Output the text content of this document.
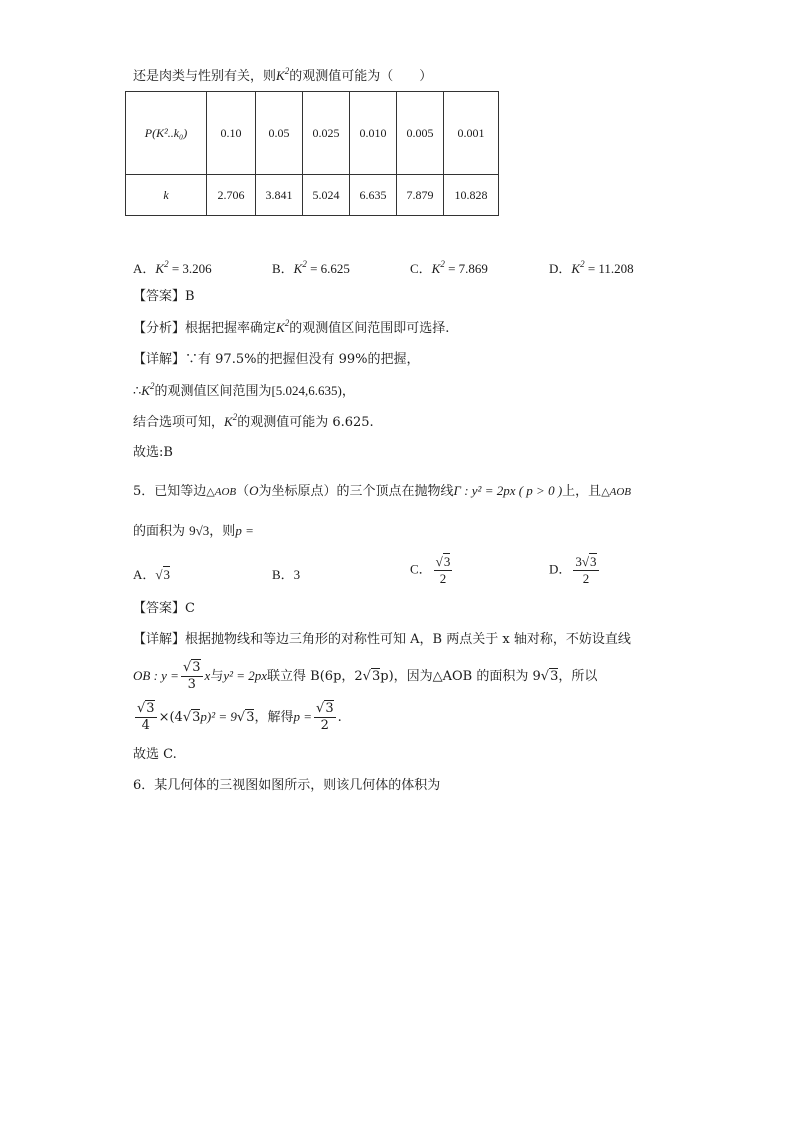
还是肉类与性别有关，则$K^2$的观测值可能为（　　）
P(K²..k₀)	0.10	0.05	0.025	0.010	0.005	0.001
k	2.706	3.841	5.024	6.635	7.879	10.828
A．$K^2 = 3.206$	B．$K^2 = 6.625$	C．$K^2 = 7.869$	D．$K^2 = 11.208$
【答案】B
【分析】根据把握率确定$K^2$的观测值区间范围即可选择.
【详解】∵有 97.5%的把握但没有 99%的把握，
$\therefore K^2$的观测值区间范围为[5.024,6.635)，
结合选项可知，$K^2$的观测值可能为 6.625.
故选:B
5．已知等边△AOB（O为坐标原点）的三个顶点在抛物线Γ : y² = 2px ( p > 0 )上，且△AOB
的面积为 9√3，则p =
A．√3	B．3	C． $\frac{√3}{2}$	D． $\frac{3√3}{2}$
【答案】C
【详解】根据抛物线和等边三角形的对称性可知 A，B 两点关于 x 轴对称，不妨设直线
OB : $y = \frac{√3}{3}$ x与y² = 2px联立得 B(6p，2√3p)，因为△AOB 的面积为 9√3，所以
$\frac{√3}{4} \times(4√3p)^2 = 9√3$，解得$p = \frac{√3}{2}$ .
故选 C.
6．某几何体的三视图如图所示，则该几何体的体积为
